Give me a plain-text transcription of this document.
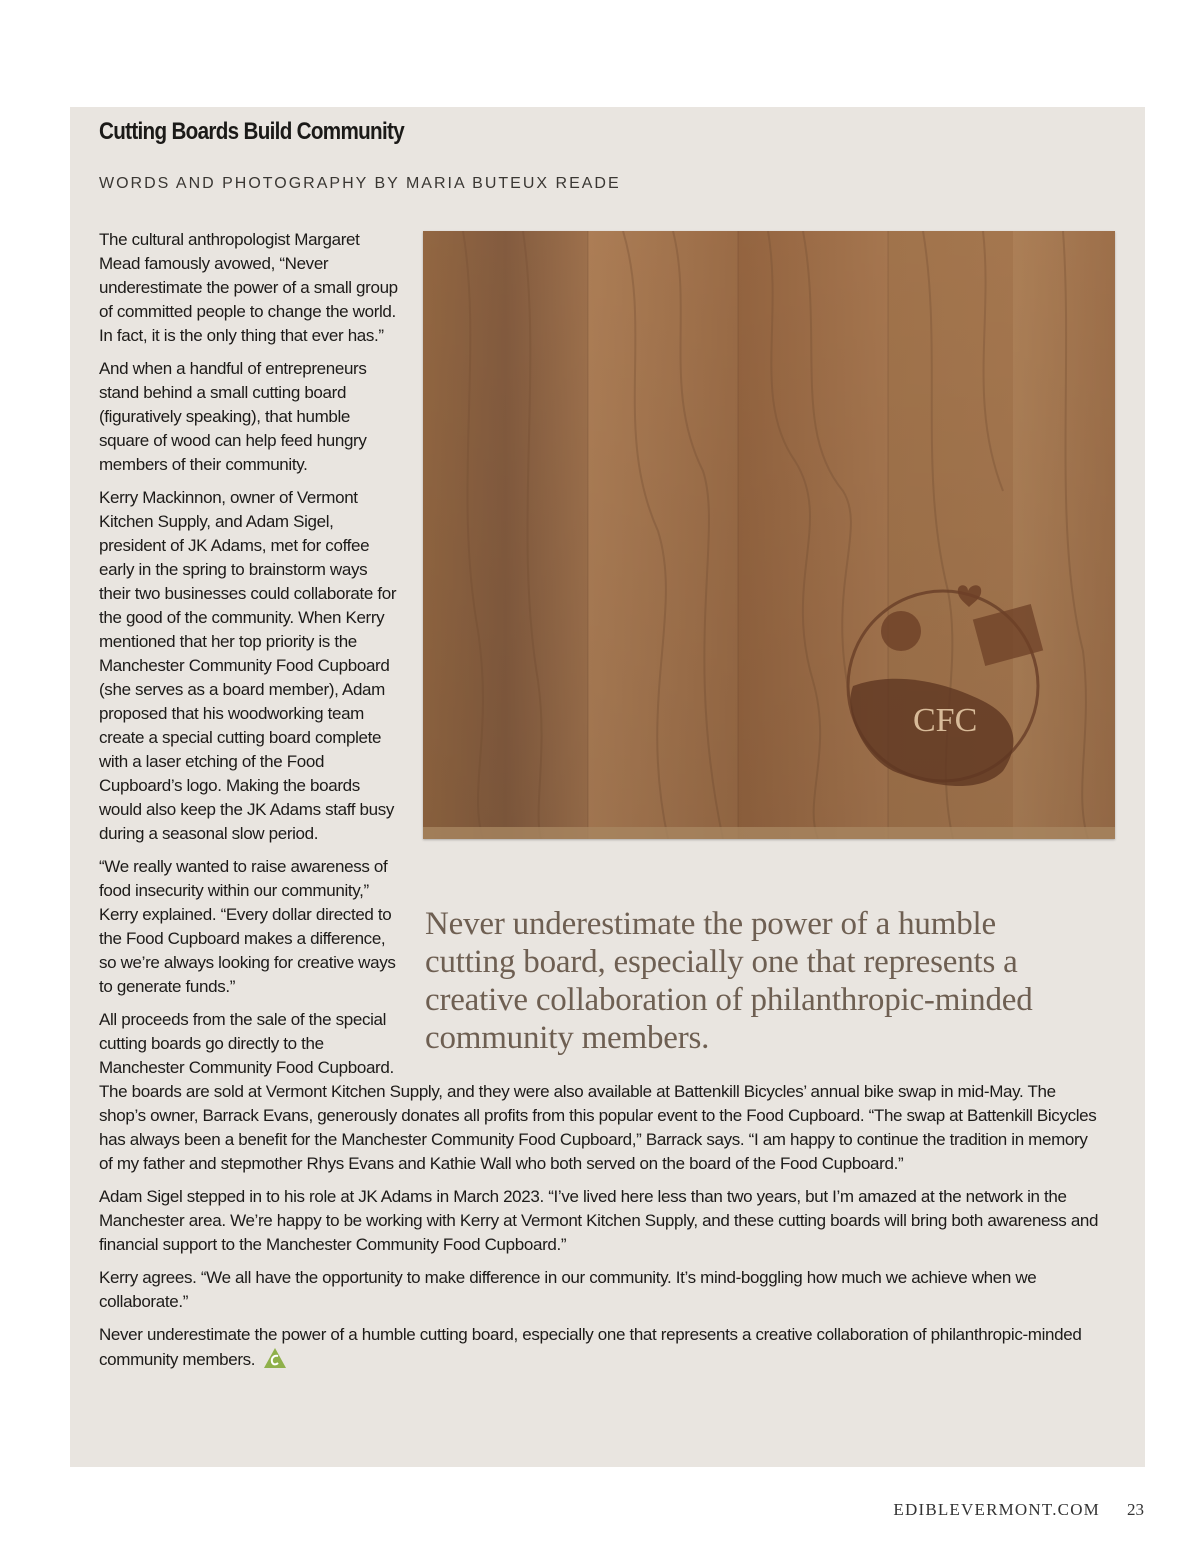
Cutting Boards Build Community

WORDS AND PHOTOGRAPHY BY MARIA BUTEUX READE

The cultural anthropologist Margaret Mead famously avowed, “Never underestimate the power of a small group of committed people to change the world. In fact, it is the only thing that ever has.”

And when a handful of entrepreneurs stand behind a small cutting board (figuratively speaking), that humble square of wood can help feed hungry members of their community.

Kerry Mackinnon, owner of Vermont Kitchen Supply, and Adam Sigel, president of JK Adams, met for coffee early in the spring to brainstorm ways their two businesses could collaborate for the good of the community. When Kerry mentioned that her top priority is the Manchester Community Food Cupboard (she serves as a board member), Adam proposed that his woodworking team create a special cutting board complete with a laser etching of the Food Cupboard’s logo. Making the boards would also keep the JK Adams staff busy during a seasonal slow period.

“We really wanted to raise awareness of food insecurity within our community,” Kerry explained. “Every dollar directed to the Food Cupboard makes a difference, so we’re always looking for creative ways to generate funds.”

All proceeds from the sale of the special cutting boards go directly to the Manchester Community Food Cupboard. The boards are sold at Vermont Kitchen Supply, and they were also available at Battenkill Bicycles’ annual bike swap in mid-May. The shop’s owner, Barrack Evans, generously donates all profits from this popular event to the Food Cupboard. “The swap at Battenkill Bicycles has always been a benefit for the Manchester Community Food Cupboard,” Barrack says. “I am happy to continue the tradition in memory of my father and stepmother Rhys Evans and Kathie Wall who both served on the board of the Food Cupboard.”

Adam Sigel stepped in to his role at JK Adams in March 2023. “I’ve lived here less than two years, but I’m amazed at the network in the Manchester area. We’re happy to be working with Kerry at Vermont Kitchen Supply, and these cutting boards will bring both awareness and financial support to the Manchester Community Food Cupboard.”

Kerry agrees. “We all have the opportunity to make difference in our community. It’s mind-boggling how much we achieve when we collaborate.”

Never underestimate the power of a humble cutting board, especially one that represents a creative collaboration of philanthropic-minded community members.

CFC

Never underestimate the power of a humble cutting board, especially one that represents a creative collaboration of philanthropic-minded community members.

EDIBLEVERMONT.COM 23
